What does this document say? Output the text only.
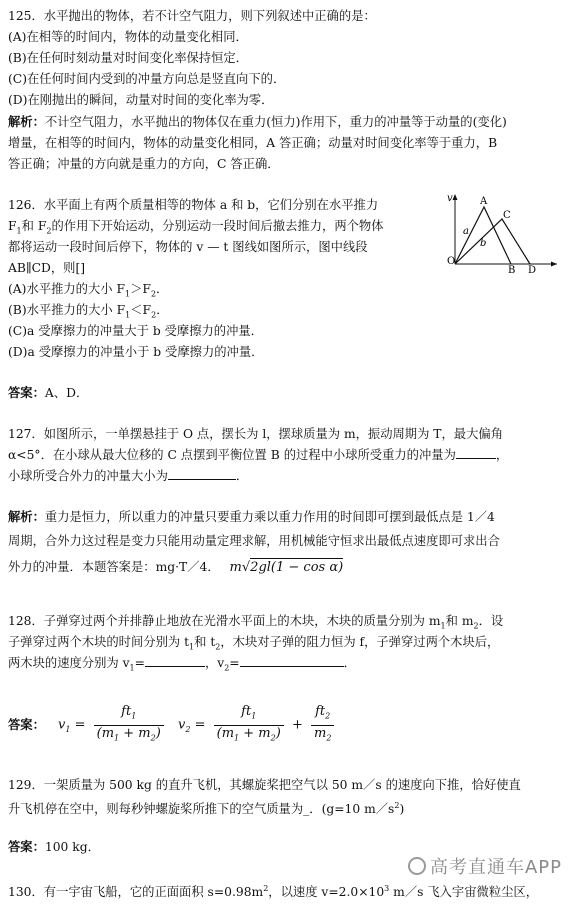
125．水平抛出的物体，若不计空气阻力，则下列叙述中正确的是：
(A)在相等的时间内，物体的动量变化相同．
(B)在任何时刻动量对时间变化率保持恒定．
(C)在任何时间内受到的冲量方向总是竖直向下的．
(D)在刚抛出的瞬间，动量对时间的变化率为零．
解析：不计空气阻力，水平抛出的物体仅在重力(恒力)作用下，重力的冲量等于动量的(变化)
增量，在相等的时间内，物体的动量变化相同，A 答正确；动量对时间变化率等于重力，B
答正确；冲量的方向就是重力的方向，C 答正确．
126．水平面上有两个质量相等的物体 a 和 b，它们分别在水平推力
$F_1$和 $F_2$的作用下开始运动，分别运动一段时间后撤去推力，两个物体
都将运动一段时间后停下，物体的 v — t 图线如图所示，图中线段
AB∥CD，则[]
(A)水平推力的大小 $F_1>F_2$．
(B)水平推力的大小 $F_1<F_2$．
(C)a 受摩擦力的冲量大于 b 受摩擦力的冲量．
(D)a 受摩擦力的冲量小于 b 受摩擦力的冲量．
答案：A、D．
v
O
A
C
B D
a
b
127．如图所示，一单摆悬挂于 O 点，摆长为 l，摆球质量为 m，振动周期为 T，最大偏角
α<5°．在小球从最大位移的 C 点摆到平衡位置 B 的过程中小球所受重力的冲量为	，
小球所受合外力的冲量大小为	．
解析：重力是恒力，所以重力的冲量只要重力乘以重力作用的时间即可摆到最低点是 1／4
周期，合外力这过程是变力只能用动量定理求解，用机械能守恒求出最低点速度即可求出合
外力的冲量．本题答案是：mg·T／4． m√2gl(1 − cos α)
128．子弹穿过两个并排静止地放在光滑水平面上的木块，木块的质量分别为 $m_1$和 $m_2$．设
子弹穿过两个木块的时间分别为 $t_1$和 $t_2$，木块对子弹的阻力恒为 f，子弹穿过两个木块后，
两木块的速度分别为 $v_1=$	，$v_2=$	．
答案： $v_1 = \frac{ft_1}{(m_1 + m_2)} v_2 = \frac{ft_1}{(m_1 + m_2)} + \frac{ft_2}{m_2}$
129．一架质量为 500 kg 的直升飞机，其螺旋桨把空气以 50 m／s 的速度向下推，恰好使直
升飞机停在空中，则每秒钟螺旋桨所推下的空气质量为_．(g=10 $m/s^2$)
答案：100 kg．
130．有一宇宙飞船，它的正面面积 $s=0.98m^2$，以速度 $v=2.0\times 10^3$ m／s 飞入宇宙微粒尘区，
高考直通车APP
